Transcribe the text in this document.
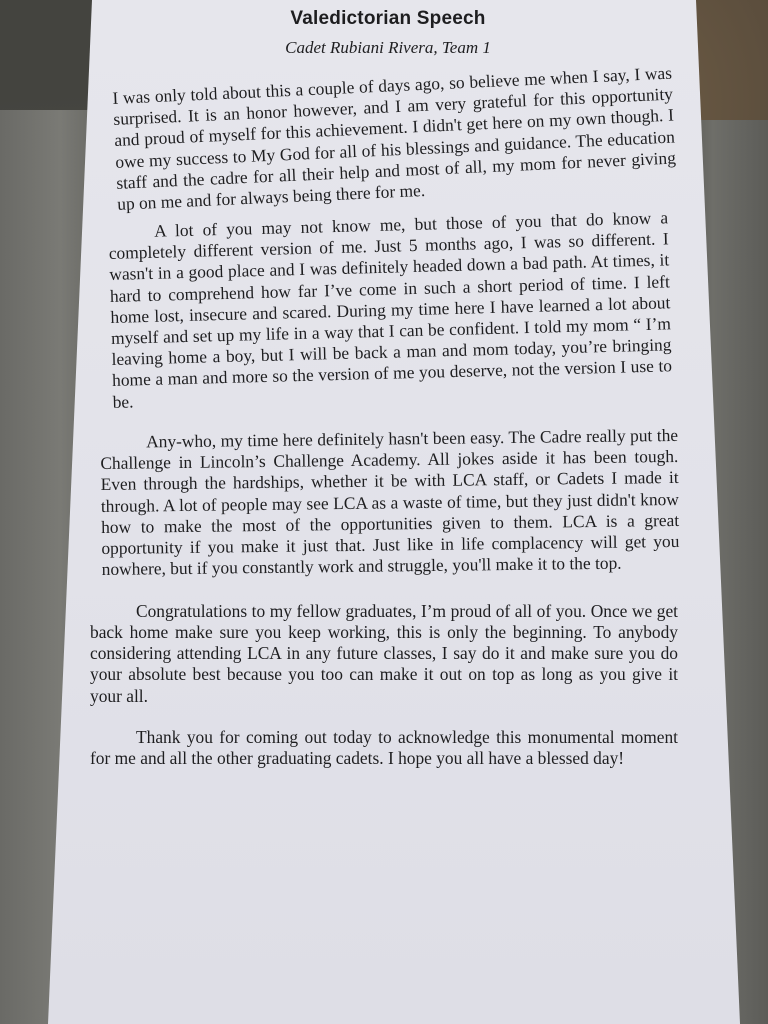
Valedictorian Speech
Cadet Rubiani Rivera, Team 1

I was only told about this a couple of days ago, so believe me when I say, I was surprised. It is an honor however, and I am very grateful for this opportunity and proud of myself for this achievement. I didn't get here on my own though. I owe my success to My God for all of his blessings and guidance. The education staff and the cadre for all their help and most of all, my mom for never giving up on me and for always being there for me.

A lot of you may not know me, but those of you that do know a completely different version of me. Just 5 months ago, I was so different. I wasn't in a good place and I was definitely headed down a bad path. At times, it hard to comprehend how far I’ve come in such a short period of time. I left home lost, insecure and scared. During my time here I have learned a lot about myself and set up my life in a way that I can be confident. I told my mom “ I’m leaving home a boy, but I will be back a man and mom today, you’re bringing home a man and more so the version of me you deserve, not the version I use to be.

Any-who, my time here definitely hasn't been easy. The Cadre really put the Challenge in Lincoln’s Challenge Academy. All jokes aside it has been tough. Even through the hardships, whether it be with LCA staff, or Cadets I made it through. A lot of people may see LCA as a waste of time, but they just didn't know how to make the most of the opportunities given to them. LCA is a great opportunity if you make it just that. Just like in life complacency will get you nowhere, but if you constantly work and struggle, you'll make it to the top.

Congratulations to my fellow graduates, I’m proud of all of you. Once we get back home make sure you keep working, this is only the beginning. To anybody considering attending LCA in any future classes, I say do it and make sure you do your absolute best because you too can make it out on top as long as you give it your all.

Thank you for coming out today to acknowledge this monumental moment for me and all the other graduating cadets. I hope you all have a blessed day!
